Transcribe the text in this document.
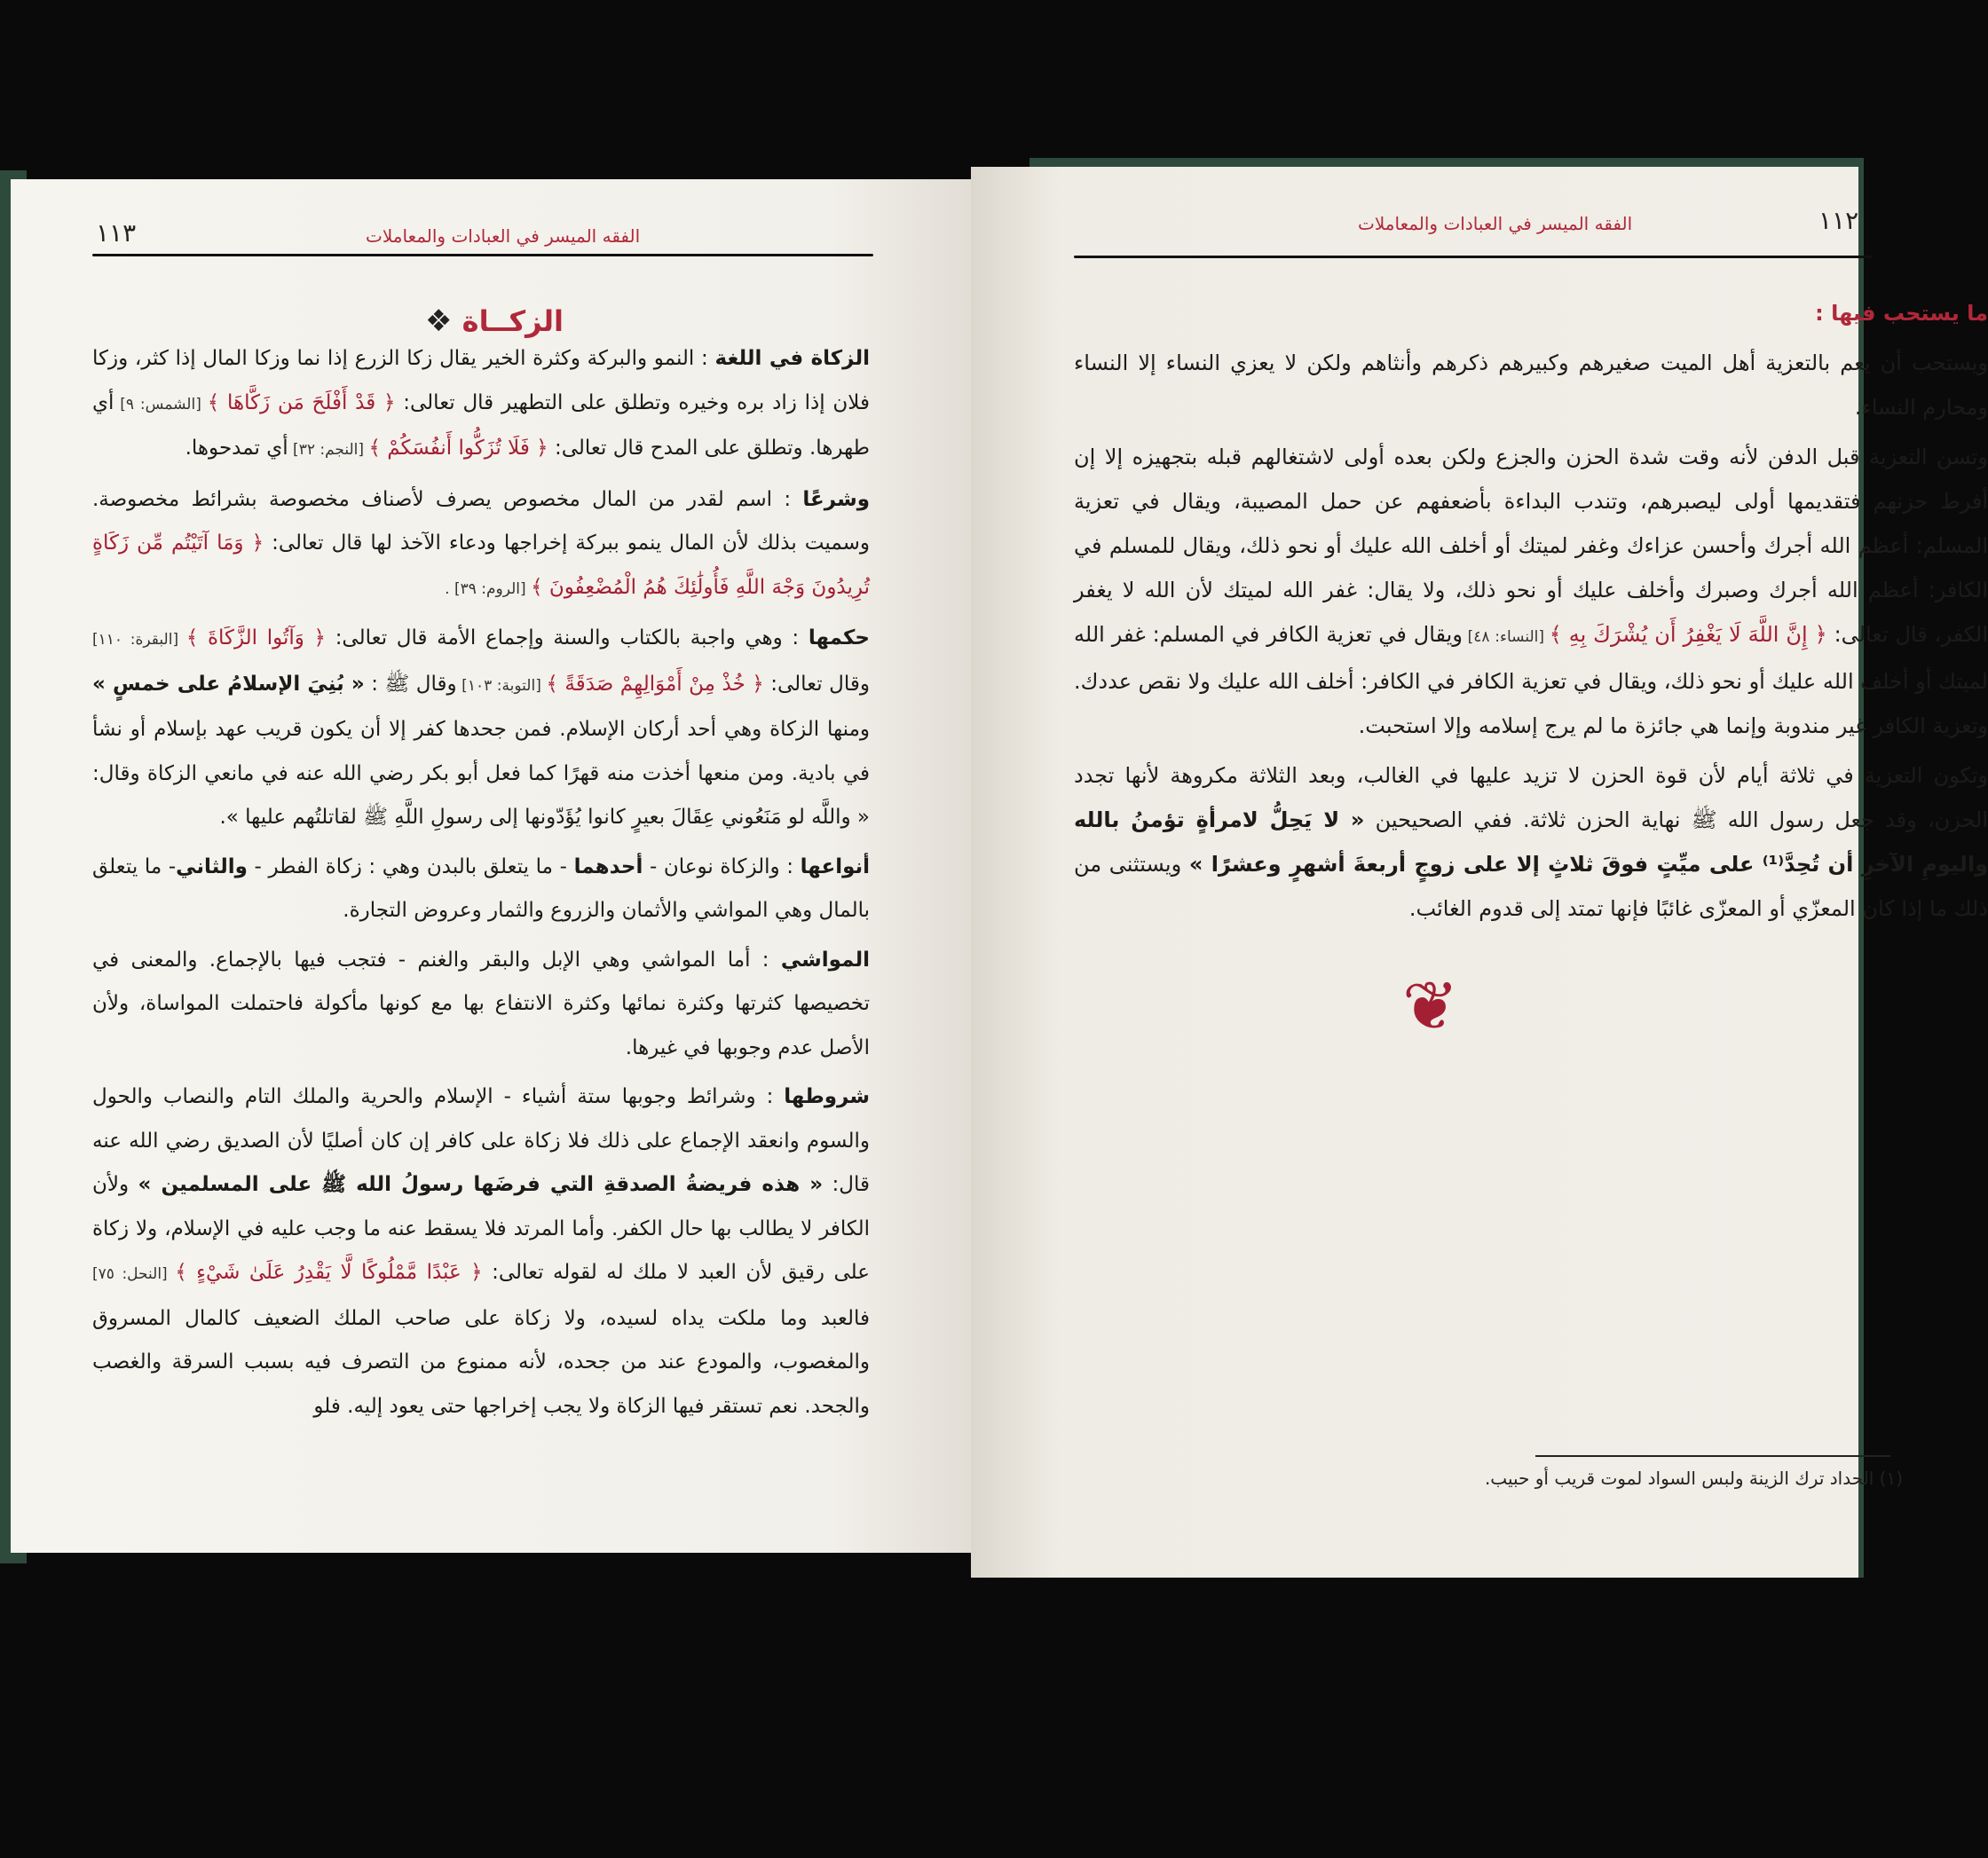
١١٣	الفقه الميسر في العبادات والمعاملات
الزكــاة ❖

الزكاة في اللغة : النمو والبركة وكثرة الخير يقال زكا الزرع إذا نما وزكا المال إذا كثر، وزكا فلان إذا زاد بره وخيره وتطلق على التطهير قال تعالى: ﴿ قَدْ أَفْلَحَ مَن زَكَّاهَا ﴾ [الشمس: ٩] أي طهرها. وتطلق على المدح قال تعالى: ﴿ فَلَا تُزَكُّوا أَنفُسَكُمْ ﴾ [النجم: ٣٢] أي تمدحوها.

وشرعًا : اسم لقدر من المال مخصوص يصرف لأصناف مخصوصة بشرائط مخصوصة. وسميت بذلك لأن المال ينمو ببركة إخراجها ودعاء الآخذ لها قال تعالى: ﴿ وَمَا آتَيْتُم مِّن زَكَاةٍ تُرِيدُونَ وَجْهَ اللَّهِ فَأُولَٰئِكَ هُمُ الْمُضْعِفُونَ ﴾ [الروم: ٣٩] .

حكمها : وهي واجبة بالكتاب والسنة وإجماع الأمة قال تعالى: ﴿ وَآتُوا الزَّكَاةَ ﴾ [البقرة: ١١٠] وقال تعالى: ﴿ خُذْ مِنْ أَمْوَالِهِمْ صَدَقَةً ﴾ [التوبة: ١٠٣] وقال ﷺ : « بُنِيَ الإسلامُ على خمسٍ » ومنها الزكاة وهي أحد أركان الإسلام. فمن جحدها كفر إلا أن يكون قريب عهد بإسلام أو نشأ في بادية. ومن منعها أخذت منه قهرًا كما فعل أبو بكر رضي الله عنه في مانعي الزكاة وقال: « واللَّه لو مَنَعُوني عِقَالَ بعيرٍ كانوا يُؤَدّونها إلى رسولِ اللَّهِ ﷺ لقاتلتُهم عليها ».

أنواعها : والزكاة نوعان - أحدهما - ما يتعلق بالبدن وهي : زكاة الفطر - والثاني- ما يتعلق بالمال وهي المواشي والأثمان والزروع والثمار وعروض التجارة.

المواشي : أما المواشي وهي الإبل والبقر والغنم - فتجب فيها بالإجماع. والمعنى في تخصيصها كثرتها وكثرة نمائها وكثرة الانتفاع بها مع كونها مأكولة فاحتملت المواساة، ولأن الأصل عدم وجوبها في غيرها.

شروطها : وشرائط وجوبها ستة أشياء - الإسلام والحرية والملك التام والنصاب والحول والسوم وانعقد الإجماع على ذلك فلا زكاة على كافر إن كان أصليًا لأن الصديق رضي الله عنه قال: « هذه فريضةُ الصدقةِ التي فرضَها رسولُ الله ﷺ على المسلمين » ولأن الكافر لا يطالب بها حال الكفر. وأما المرتد فلا يسقط عنه ما وجب عليه في الإسلام، ولا زكاة على رقيق لأن العبد لا ملك له لقوله تعالى: ﴿ عَبْدًا مَّمْلُوكًا لَّا يَقْدِرُ عَلَىٰ شَيْءٍ ﴾ [النحل: ٧٥] فالعبد وما ملكت يداه لسيده، ولا زكاة على صاحب الملك الضعيف كالمال المسروق والمغصوب، والمودع عند من جحده، لأنه ممنوع من التصرف فيه بسبب السرقة والغصب والجحد. نعم تستقر فيها الزكاة ولا يجب إخراجها حتى يعود إليه. فلو

١١٢
الفقه الميسر في العبادات والمعاملات

ما يستحب فيها :

ويستحب أن يعم بالتعزية أهل الميت صغيرهم وكبيرهم ذكرهم وأنثاهم ولكن لا يعزي النساء إلا النساء ومحارم النساء.

وتسن التعزية قبل الدفن لأنه وقت شدة الحزن والجزع ولكن بعده أولى لاشتغالهم قبله بتجهيزه إلا إن أفرط حزنهم فتقديمها أولى ليصبرهم، وتندب البداءة بأضعفهم عن حمل المصيبة، ويقال في تعزية المسلم: أعظم الله أجرك وأحسن عزاءك وغفر لميتك أو أخلف الله عليك أو نحو ذلك، ويقال للمسلم في الكافر: أعظم الله أجرك وصبرك وأخلف عليك أو نحو ذلك، ولا يقال: غفر الله لميتك لأن الله لا يغفر الكفر، قال تعالى: ﴿ إِنَّ اللَّهَ لَا يَغْفِرُ أَن يُشْرَكَ بِهِ ﴾ [النساء: ٤٨] ويقال في تعزية الكافر في المسلم: غفر الله لميتك أو أخلف الله عليك أو نحو ذلك، ويقال في تعزية الكافر في الكافر: أخلف الله عليك ولا نقص عددك. وتعزية الكافر غير مندوبة وإنما هي جائزة ما لم يرج إسلامه وإلا استحبت.

وتكون التعزية في ثلاثة أيام لأن قوة الحزن لا تزيد عليها في الغالب، وبعد الثلاثة مكروهة لأنها تجدد الحزن، وقد جعل رسول الله ﷺ نهاية الحزن ثلاثة. ففي الصحيحين « لا يَحِلُّ لامرأةٍ تؤمنُ بالله واليومِ الآخرِ أن تُحِدَّ⁽¹⁾ على ميِّتٍ فوقَ ثلاثٍ إلا على زوجٍ أربعةَ أشهرٍ وعشرًا » ويستثنى من ذلك ما إذا كان المعزّي أو المعزّى غائبًا فإنها تمتد إلى قدوم الغائب.

❦
(١) الحداد ترك الزينة ولبس السواد لموت قريب أو حبيب.
